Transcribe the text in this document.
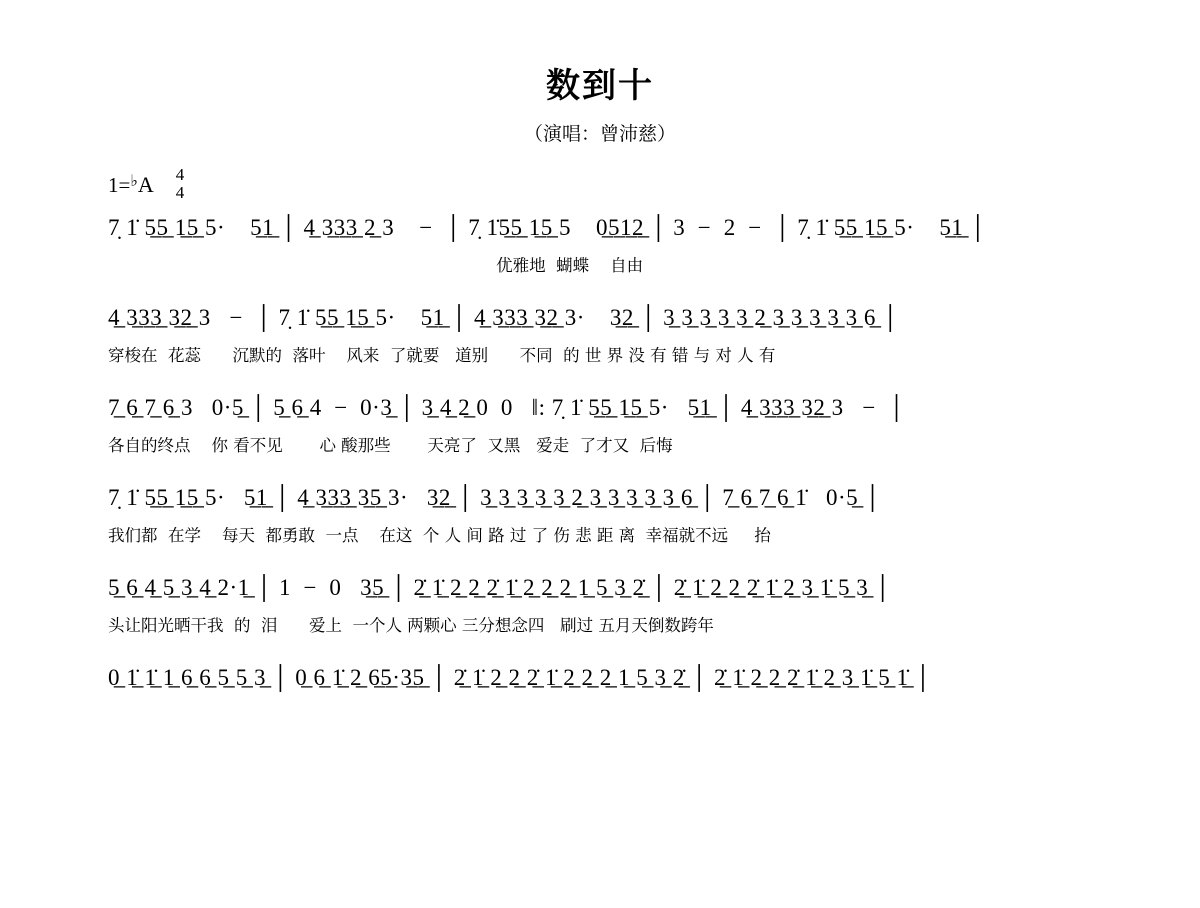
数到十
（演唱：曾沛慈）
1=♭A 4
4
7̣ 1̇ 5̲5̲ 1̲5̲ 5·    5̲1̲ │ 4̲ 3̲3̲3̲ 2̲ 3    −  │ 7̣ 1̇5̲5̲ 1̲5̲ 5    0̲5̲1̲2̲ │ 3  −  2  −  │ 7̣ 1̇ 5̲5̲ 1̲5̲ 5·    5̲1̲ │
优雅地  蝴蝶    自由
4̲ 3̲3̲3̲ 3̲2̲ 3   −  │ 7̣ 1̇ 5̲5̲ 1̲5̲ 5·    5̲1̲ │ 4̲ 3̲3̲3̲ 3̲2̲ 3·    3̲2̲ │ 3̲ 3̲ 3̲ 3̲ 3̲ 2̲ 3̲ 3̲ 3̲ 3̲ 3̲ 6̲ │
穿梭在  花蕊      沉默的  落叶    风来  了就要   道别      不同  的 世 界 没 有 错 与 对 人 有
7̲ 6̲ 7̲ 6̲ 3   0·5̲ │ 5̲ 6̲ 4  −  0·3̲ │ 3̲ 4̲ 2̲ 0  0   ‖: 7̣ 1̇ 5̲5̲ 1̲5̲ 5·   5̲1̲ │ 4̲ 3̲3̲3̲ 3̲2̲ 3   −  │
各自的终点    你 看不见       心 酸那些       天亮了  又黑   爱走  了才又  后悔
7̣ 1̇ 5̲5̲ 1̲5̲ 5·   5̲1̲ │ 4̲ 3̲3̲3̲ 3̲5̲ 3·   3̲2̲ │ 3̲ 3̲ 3̲ 3̲ 3̲ 2̲ 3̲ 3̲ 3̲ 3̲ 3̲ 6̲ │ 7̲ 6̲ 7̲ 6̲ 1̇   0·5̲ │
我们都  在学    每天  都勇敢  一点    在这  个 人 间 路 过 了 伤 悲 距 离  幸福就不远     抬
5̲ 6̲ 4̲ 5̲ 3̲ 4̲ 2·1̲ │ 1  −  0   3̲5̲ │ 2̲̇ 1̲̇ 2̲ 2̲ 2̲̇ 1̲̇ 2̲ 2̲ 2̲ 1̲ 5̲ 3̲ 2̲̇ │ 2̲̇ 1̲̇ 2̲ 2̲ 2̲̇ 1̲̇ 2̲ 3̲ 1̲̇ 5̲ 3̲ │
头让阳光晒干我  的  泪      爱上  一个人 两颗心 三分想念四   刷过 五月天倒数跨年
0̲ 1̲̇ 1̲̇ 1̲ 6̲ 6̲ 5̲ 5̲ 3̲ │ 0̲ 6̲ 1̲̇ 2̲ 6̲5̲·3̲5̲ │ 2̲̇ 1̲̇ 2̲ 2̲ 2̲̇ 1̲̇ 2̲ 2̲ 2̲ 1̲ 5̲ 3̲ 2̲̇ │ 2̲̇ 1̲̇ 2̲ 2̲ 2̲̇ 1̲̇ 2̲ 3̲ 1̲̇ 5̲ 1̲̇ │
